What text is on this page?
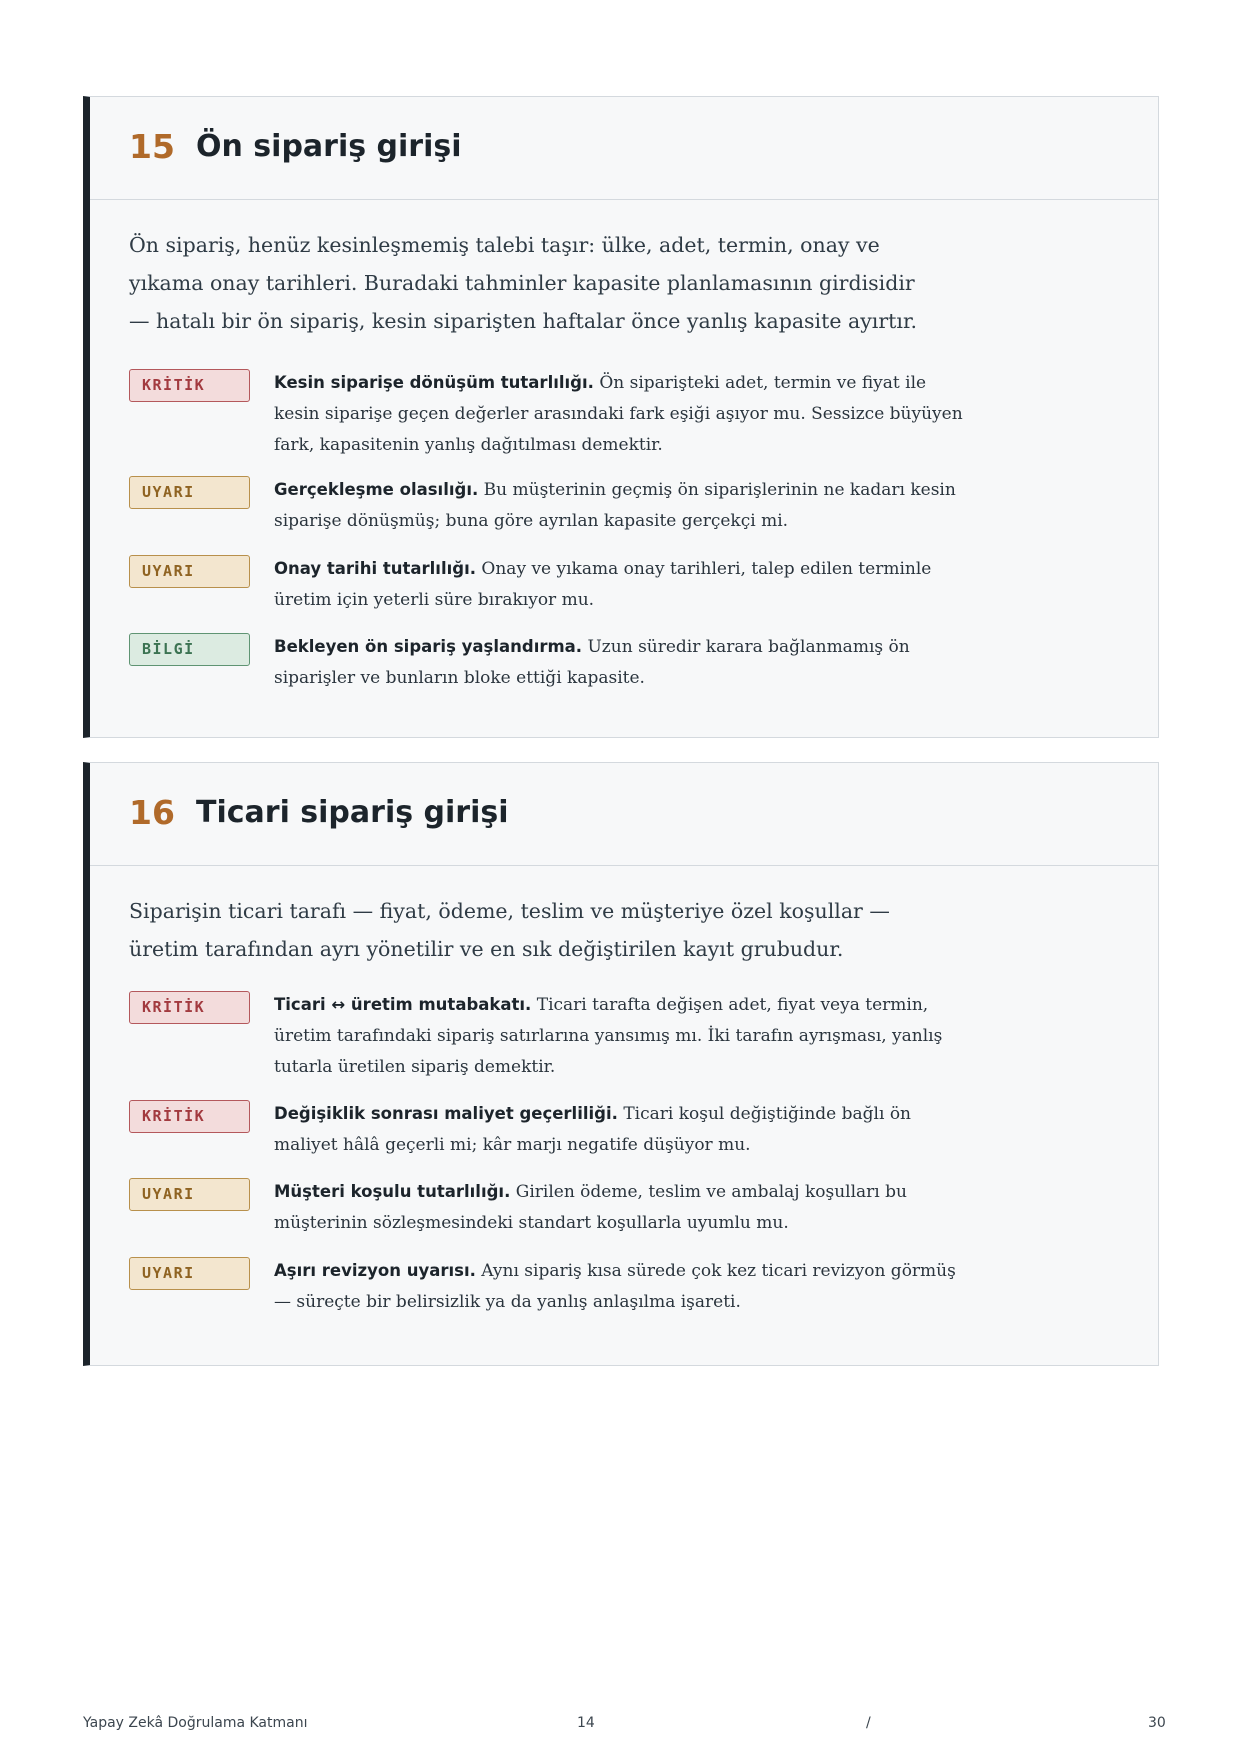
15 Ön sipariş girişi
Ön sipariş, henüz kesinleşmemiş talebi taşır: ülke, adet, termin, onay ve yıkama onay tarihleri. Buradaki tahminler kapasite planlamasının girdisidir — hatalı bir ön sipariş, kesin siparişten haftalar önce yanlış kapasite ayırtır.
KRİTİK	Kesin siparişe dönüşüm tutarlılığı. Ön siparişteki adet, termin ve fiyat ile kesin siparişe geçen değerler arasındaki fark eşiği aşıyor mu. Sessizce büyüyen fark, kapasitenin yanlış dağıtılması demektir.
UYARI	Gerçekleşme olasılığı. Bu müşterinin geçmiş ön siparişlerinin ne kadarı kesin siparişe dönüşmüş; buna göre ayrılan kapasite gerçekçi mi.
UYARI	Onay tarihi tutarlılığı. Onay ve yıkama onay tarihleri, talep edilen terminle üretim için yeterli süre bırakıyor mu.
BİLGİ	Bekleyen ön sipariş yaşlandırma. Uzun süredir karara bağlanmamış ön siparişler ve bunların bloke ettiği kapasite.
16 Ticari sipariş girişi
Siparişin ticari tarafı — fiyat, ödeme, teslim ve müşteriye özel koşullar — üretim tarafından ayrı yönetilir ve en sık değiştirilen kayıt grubudur.
KRİTİK	Ticari ↔ üretim mutabakatı. Ticari tarafta değişen adet, fiyat veya termin, üretim tarafındaki sipariş satırlarına yansımış mı. İki tarafın ayrışması, yanlış tutarla üretilen sipariş demektir.
KRİTİK	Değişiklik sonrası maliyet geçerliliği. Ticari koşul değiştiğinde bağlı ön maliyet hâlâ geçerli mi; kâr marjı negatife düşüyor mu.
UYARI	Müşteri koşulu tutarlılığı. Girilen ödeme, teslim ve ambalaj koşulları bu müşterinin sözleşmesindeki standart koşullarla uyumlu mu.
UYARI	Aşırı revizyon uyarısı. Aynı sipariş kısa sürede çok kez ticari revizyon görmüş — süreçte bir belirsizlik ya da yanlış anlaşılma işareti.
Yapay Zekâ Doğrulama Katmanı	14	/	30
